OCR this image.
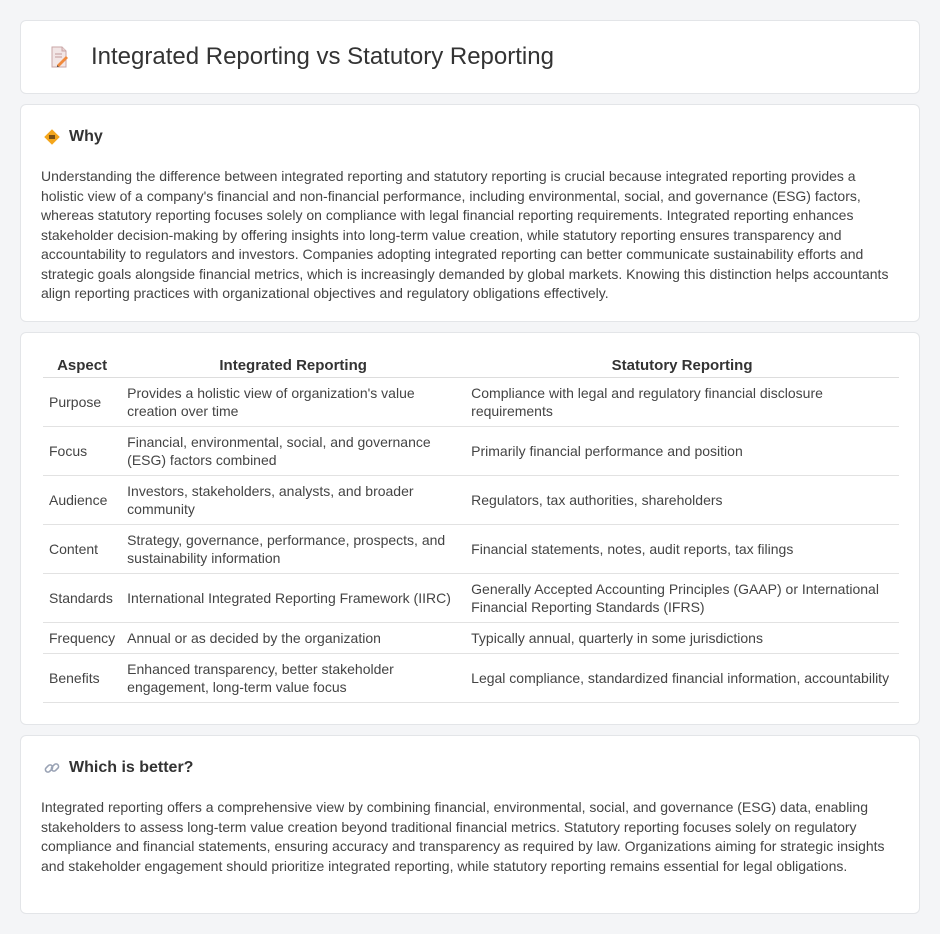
Integrated Reporting vs Statutory Reporting
Why

Understanding the difference between integrated reporting and statutory reporting is crucial because integrated reporting provides a holistic view of a company's financial and non-financial performance, including environmental, social, and governance (ESG) factors, whereas statutory reporting focuses solely on compliance with legal financial reporting requirements. Integrated reporting enhances stakeholder decision-making by offering insights into long-term value creation, while statutory reporting ensures transparency and accountability to regulators and investors. Companies adopting integrated reporting can better communicate sustainability efforts and strategic goals alongside financial metrics, which is increasingly demanded by global markets. Knowing this distinction helps accountants align reporting practices with organizational objectives and regulatory obligations effectively.

Aspect	Integrated Reporting	Statutory Reporting
Purpose	Provides a holistic view of organization's value creation over time	Compliance with legal and regulatory financial disclosure requirements
Focus	Financial, environmental, social, and governance (ESG) factors combined	Primarily financial performance and position
Audience	Investors, stakeholders, analysts, and broader community	Regulators, tax authorities, shareholders
Content	Strategy, governance, performance, prospects, and sustainability information	Financial statements, notes, audit reports, tax filings
Standards	International Integrated Reporting Framework (IIRC)	Generally Accepted Accounting Principles (GAAP) or International Financial Reporting Standards (IFRS)
Frequency	Annual or as decided by the organization	Typically annual, quarterly in some jurisdictions
Benefits	Enhanced transparency, better stakeholder engagement, long-term value focus	Legal compliance, standardized financial information, accountability
Which is better?

Integrated reporting offers a comprehensive view by combining financial, environmental, social, and governance (ESG) data, enabling stakeholders to assess long-term value creation beyond traditional financial metrics. Statutory reporting focuses solely on regulatory compliance and financial statements, ensuring accuracy and transparency as required by law. Organizations aiming for strategic insights and stakeholder engagement should prioritize integrated reporting, while statutory reporting remains essential for legal obligations.
